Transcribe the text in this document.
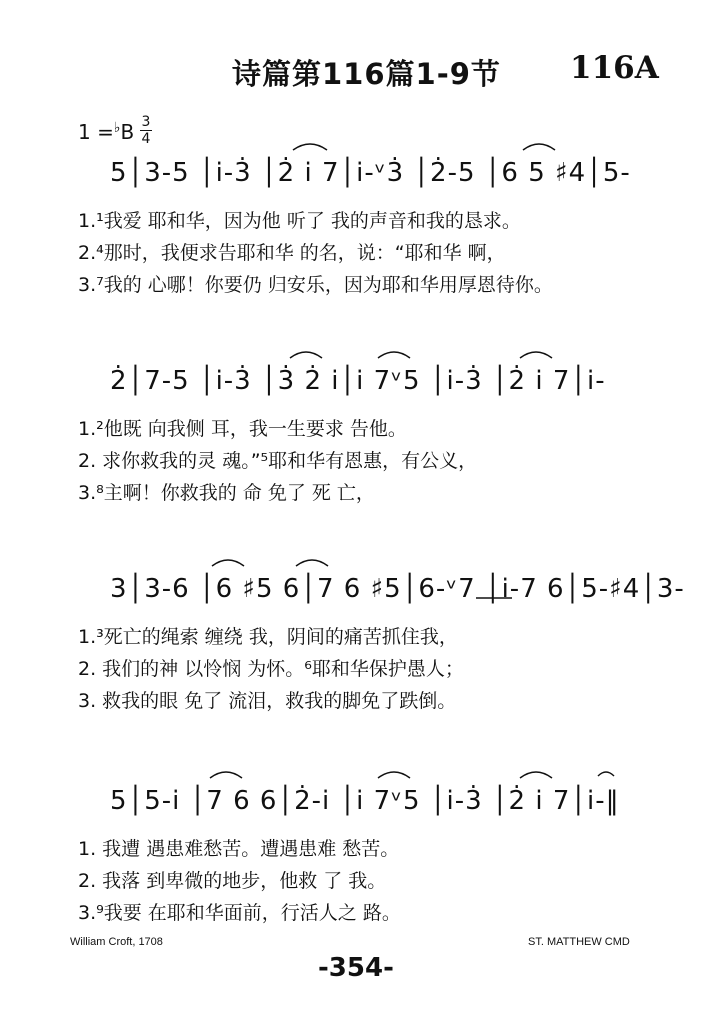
诗篇第116篇1-9节 116A
1 =♭B 3
4
5│3-5 │i̇-3̇ │2̇ i̇ 7│i̇-ᵛ3̇ │2̇-5 │6 5 ♯4│5-
1.¹我爱 耶和华，因为他 听了 我的声音和我的恳求。
2.⁴那时，我便求告耶和华 的名，说：“耶和华 啊，
3.⁷我的 心哪！你要仍 归安乐，因为耶和华用厚恩待你。
2̇│7-5 │i̇-3̇ │3̇ 2̇ i̇│i̇ 7ᵛ5 │i̇-3̇ │2̇ i̇ 7│i̇-
1.²他既 向我侧 耳，我一生要求 告他。
2. 求你救我的灵 魂。”⁵耶和华有恩惠，有公义，
3.⁸主啊！你救我的 命 免了 死 亡，
3│3-6 │6 ♯5 6│7 6 ♯5│6-ᵛ7 │i̇-7 6│5-♯4│3-
1.³死亡的绳索 缠绕 我，阴间的痛苦抓住我，
2. 我们的神 以怜悯 为怀。⁶耶和华保护愚人；
3. 救我的眼 免了 流泪，救我的脚免了跌倒。
5│5-i̇ │7 6 6│2̇-i̇ │i̇ 7ᵛ5 │i̇-3̇ │2̇ i̇ 7│i̇-‖
1. 我遭 遇患难愁苦。遭遇患难 愁苦。
2. 我落 到卑微的地步，他救 了 我。
3.⁹我要 在耶和华面前，行活人之 路。
William Croft, 1708	ST. MATTHEW CMD
-354-
